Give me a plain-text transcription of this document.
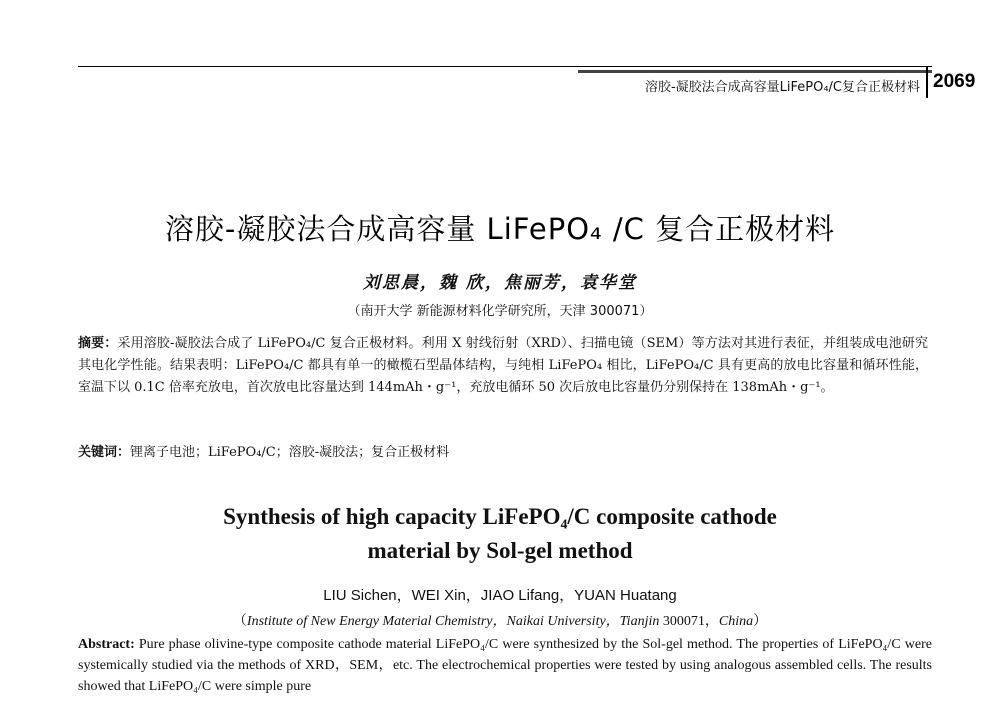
溶胶-凝胶法合成高容量LiFePO₄/C复合正极材料 2069
溶胶-凝胶法合成高容量 LiFePO₄ /C 复合正极材料
刘思晨，魏 欣，焦丽芳，袁华堂
（南开大学 新能源材料化学研究所，天津 300071）
摘要：采用溶胶-凝胶法合成了 LiFePO₄/C 复合正极材料。利用 X 射线衍射（XRD）、扫描电镜（SEM）等方法对其进行表征，并组装成电池研究其电化学性能。结果表明：LiFePO₄/C 都具有单一的橄榄石型晶体结构，与纯相 LiFePO₄ 相比，LiFePO₄/C 具有更高的放电比容量和循环性能，室温下以 0.1C 倍率充放电，首次放电比容量达到 144mAh・g⁻¹，充放电循环 50 次后放电比容量仍分别保持在 138mAh・g⁻¹。
关键词：锂离子电池；LiFePO₄/C；溶胶-凝胶法；复合正极材料
Synthesis of high capacity LiFePO₄/C composite cathode
material by Sol-gel method
LIU Sichen，WEI Xin，JIAO Lifang，YUAN Huatang
（Institute of New Energy Material Chemistry，Naikai University，Tianjin 300071，China）
Abstract: Pure phase olivine-type composite cathode material LiFePO₄/C were synthesized by the Sol-gel method. The properties of LiFePO₄/C were systemically studied via the methods of XRD，SEM，etc. The electrochemical properties were tested by using analogous assembled cells. The results showed that LiFePO₄/C were simple pure
